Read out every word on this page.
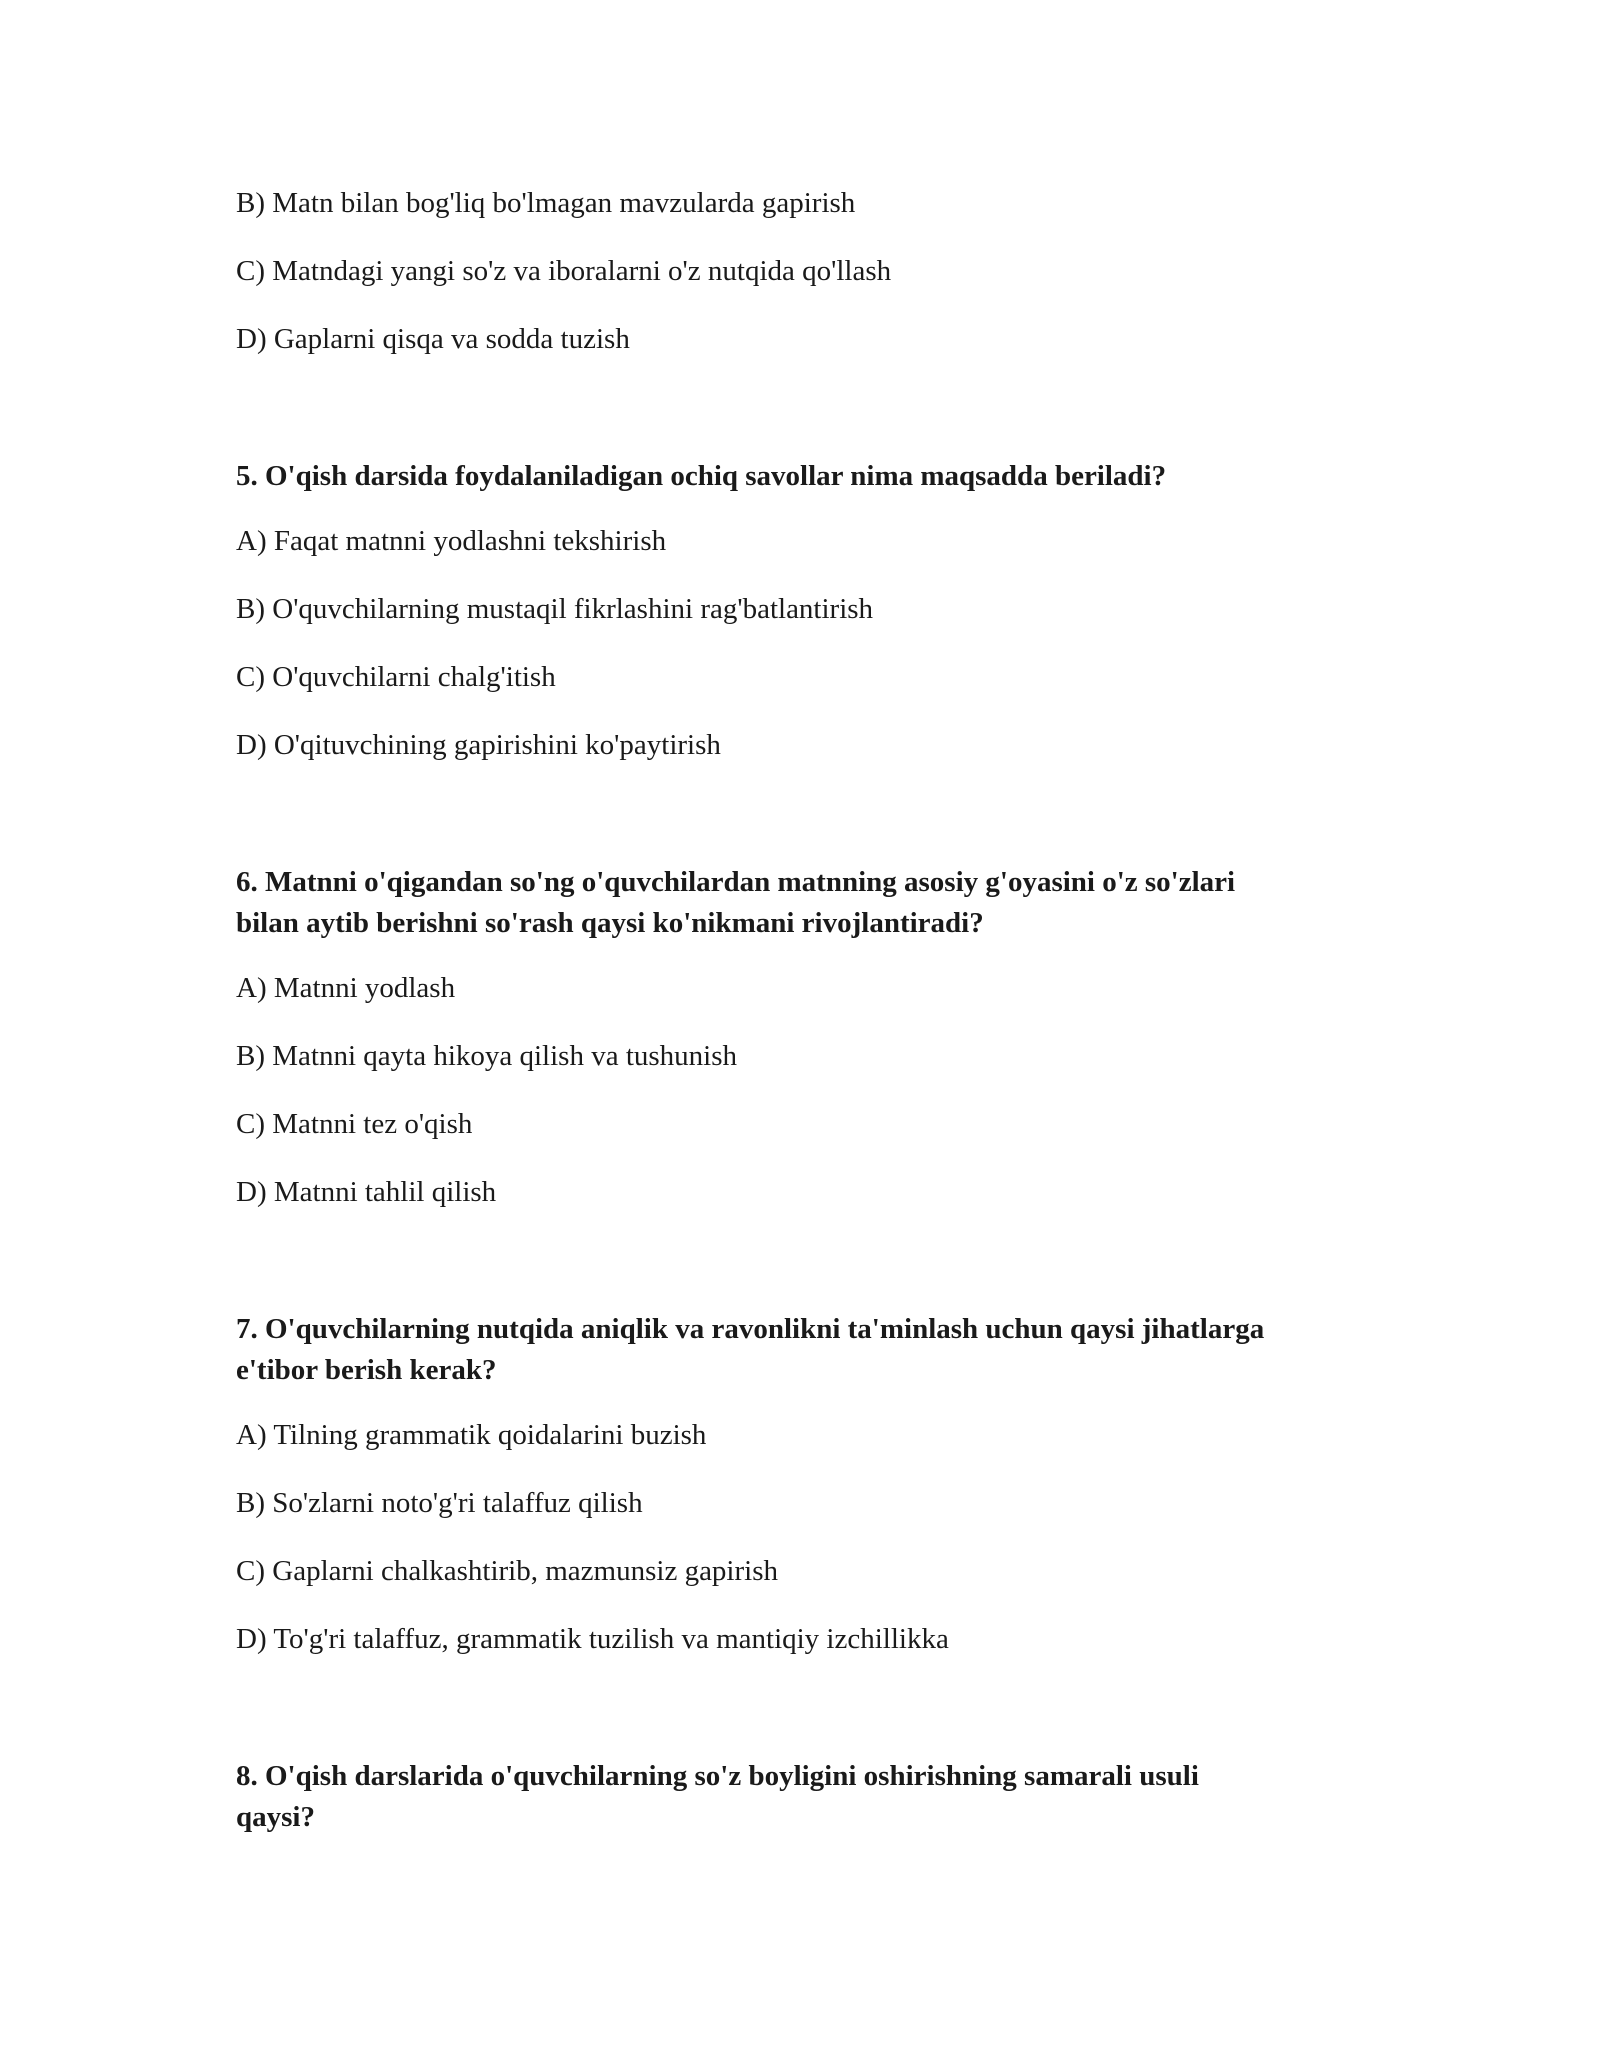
B) Matn bilan bog'liq bo'lmagan mavzularda gapirish
C) Matndagi yangi so'z va iboralarni o'z nutqida qo'llash
D) Gaplarni qisqa va sodda tuzish
5. O'qish darsida foydalaniladigan ochiq savollar nima maqsadda beriladi?
A) Faqat matnni yodlashni tekshirish
B) O'quvchilarning mustaqil fikrlashini rag'batlantirish
C) O'quvchilarni chalg'itish
D) O'qituvchining gapirishini ko'paytirish
6. Matnni o'qigandan so'ng o'quvchilardan matnning asosiy g'oyasini o'z so'zlari
bilan aytib berishni so'rash qaysi ko'nikmani rivojlantiradi?
A) Matnni yodlash
B) Matnni qayta hikoya qilish va tushunish
C) Matnni tez o'qish
D) Matnni tahlil qilish
7. O'quvchilarning nutqida aniqlik va ravonlikni ta'minlash uchun qaysi jihatlarga
e'tibor berish kerak?
A) Tilning grammatik qoidalarini buzish
B) So'zlarni noto'g'ri talaffuz qilish
C) Gaplarni chalkashtirib, mazmunsiz gapirish
D) To'g'ri talaffuz, grammatik tuzilish va mantiqiy izchillikka
8. O'qish darslarida o'quvchilarning so'z boyligini oshirishning samarali usuli
qaysi?
